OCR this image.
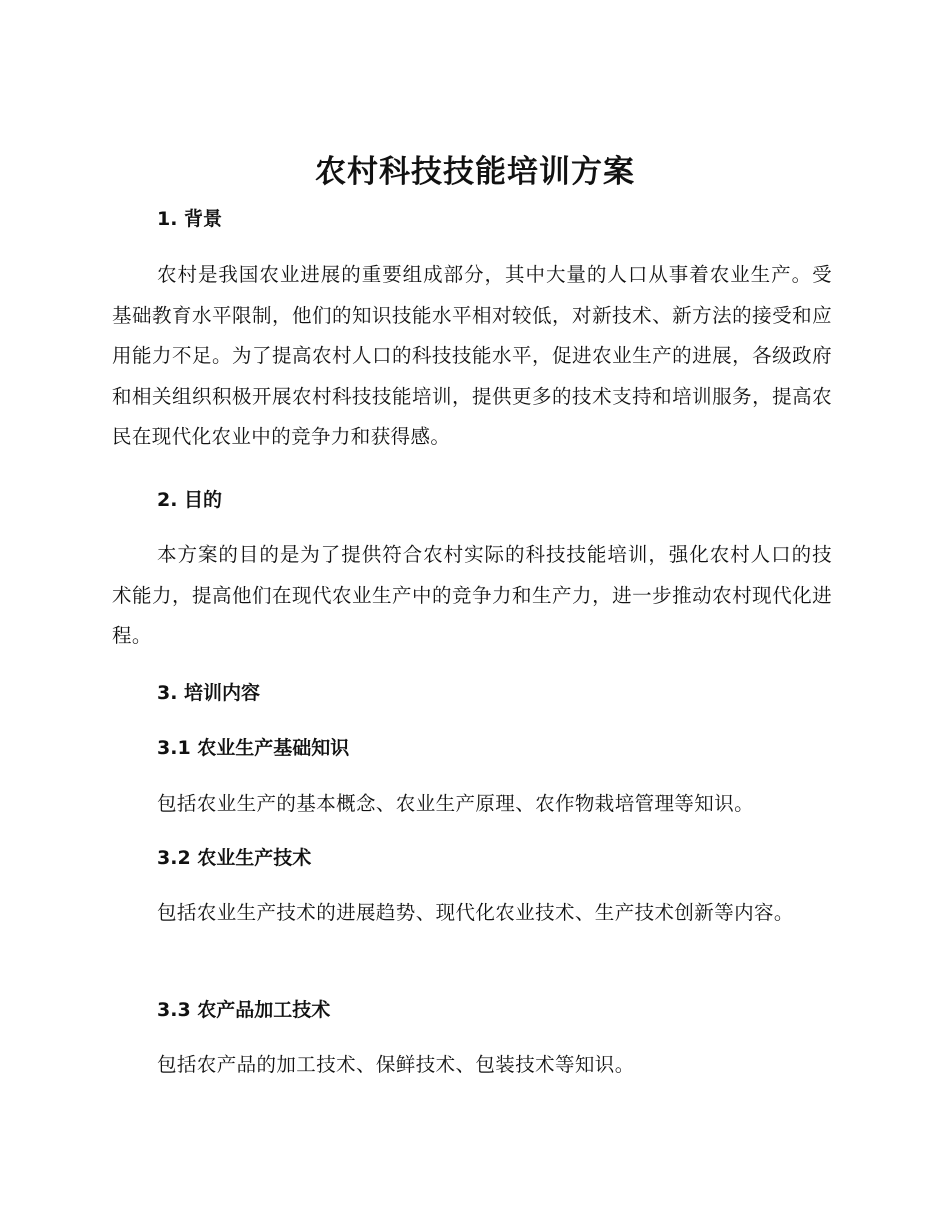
农村科技技能培训方案
1. 背景

农村是我国农业进展的重要组成部分，其中大量的人口从事着农业生产。受基础教育水平限制，他们的知识技能水平相对较低，对新技术、新方法的接受和应用能力不足。为了提高农村人口的科技技能水平，促进农业生产的进展，各级政府和相关组织积极开展农村科技技能培训，提供更多的技术支持和培训服务，提高农民在现代化农业中的竞争力和获得感。

2. 目的

本方案的目的是为了提供符合农村实际的科技技能培训，强化农村人口的技术能力，提高他们在现代农业生产中的竞争力和生产力，进一步推动农村现代化进程。

3. 培训内容
3.1 农业生产基础知识

包括农业生产的基本概念、农业生产原理、农作物栽培管理等知识。

3.2 农业生产技术

包括农业生产技术的进展趋势、现代化农业技术、生产技术创新等内容。

3.3 农产品加工技术

包括农产品的加工技术、保鲜技术、包装技术等知识。
